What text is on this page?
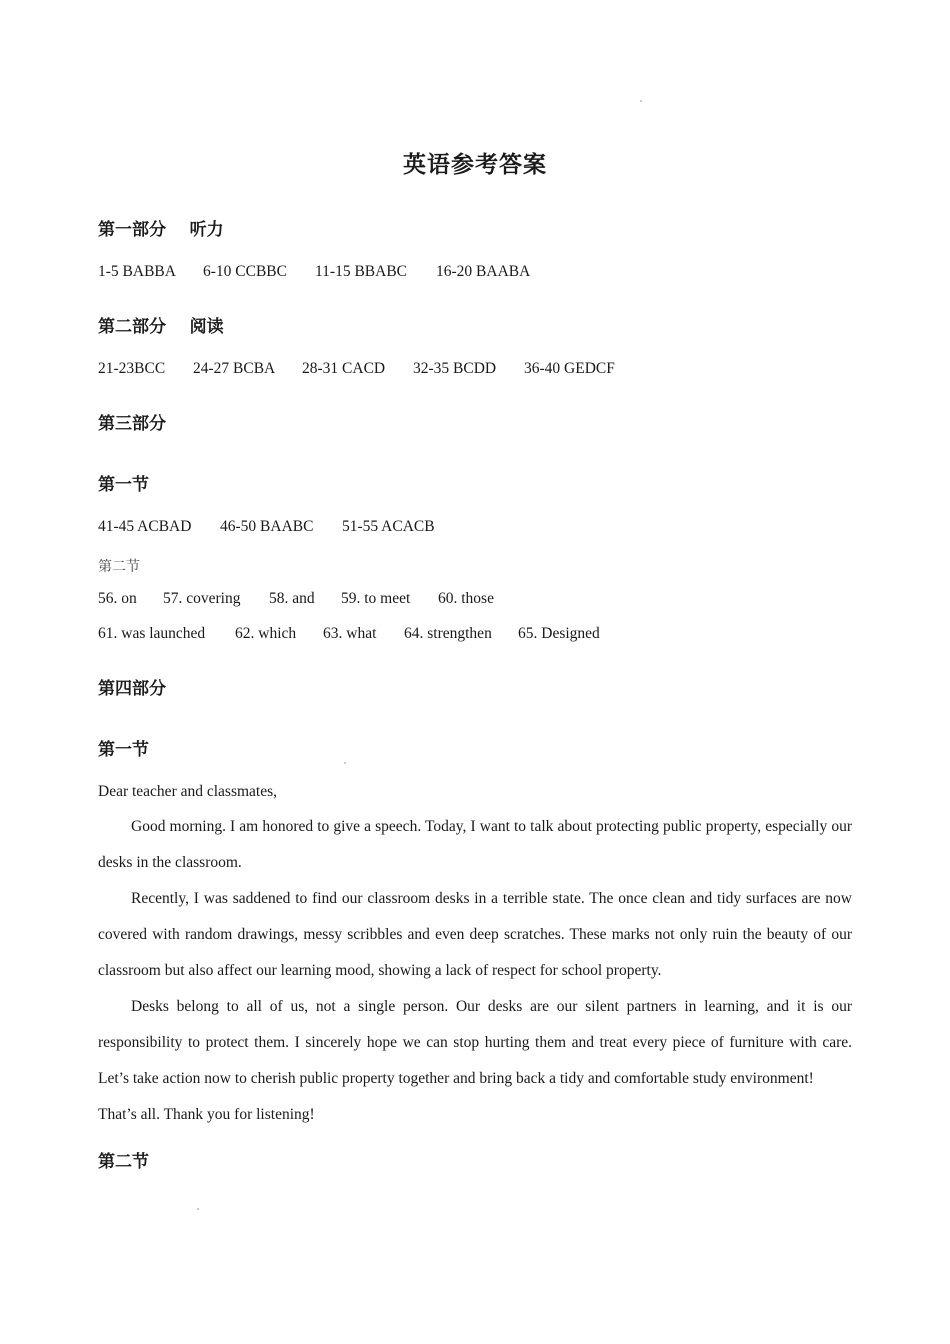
英语参考答案
第一部分    听力
1-5 BABBA	6-10 CCBBC	11-15 BBABC	16-20 BAABA
第二部分    阅读
21-23BCC	24-27 BCBA	28-31 CACD	32-35 BCDD	36-40 GEDCF
第三部分
第一节
41-45 ACBAD	46-50 BAABC	51-55 ACACB
第二节
56. on	57. covering	58. and	59. to meet	60. those
61. was launched	62. which	63. what	64. strengthen	65. Designed
第四部分
第一节

Dear teacher and classmates,

Good morning. I am honored to give a speech. Today, I want to talk about protecting public property, especially our desks in the classroom.

Recently, I was saddened to find our classroom desks in a terrible state. The once clean and tidy surfaces are now covered with random drawings, messy scribbles and even deep scratches. These marks not only ruin the beauty of our classroom but also affect our learning mood, showing a lack of respect for school property.

Desks belong to all of us, not a single person. Our desks are our silent partners in learning, and it is our responsibility to protect them. I sincerely hope we can stop hurting them and treat every piece of furniture with care. Let’s take action now to cherish public property together and bring back a tidy and comfortable study environment!

That’s all. Thank you for listening!

第二节
